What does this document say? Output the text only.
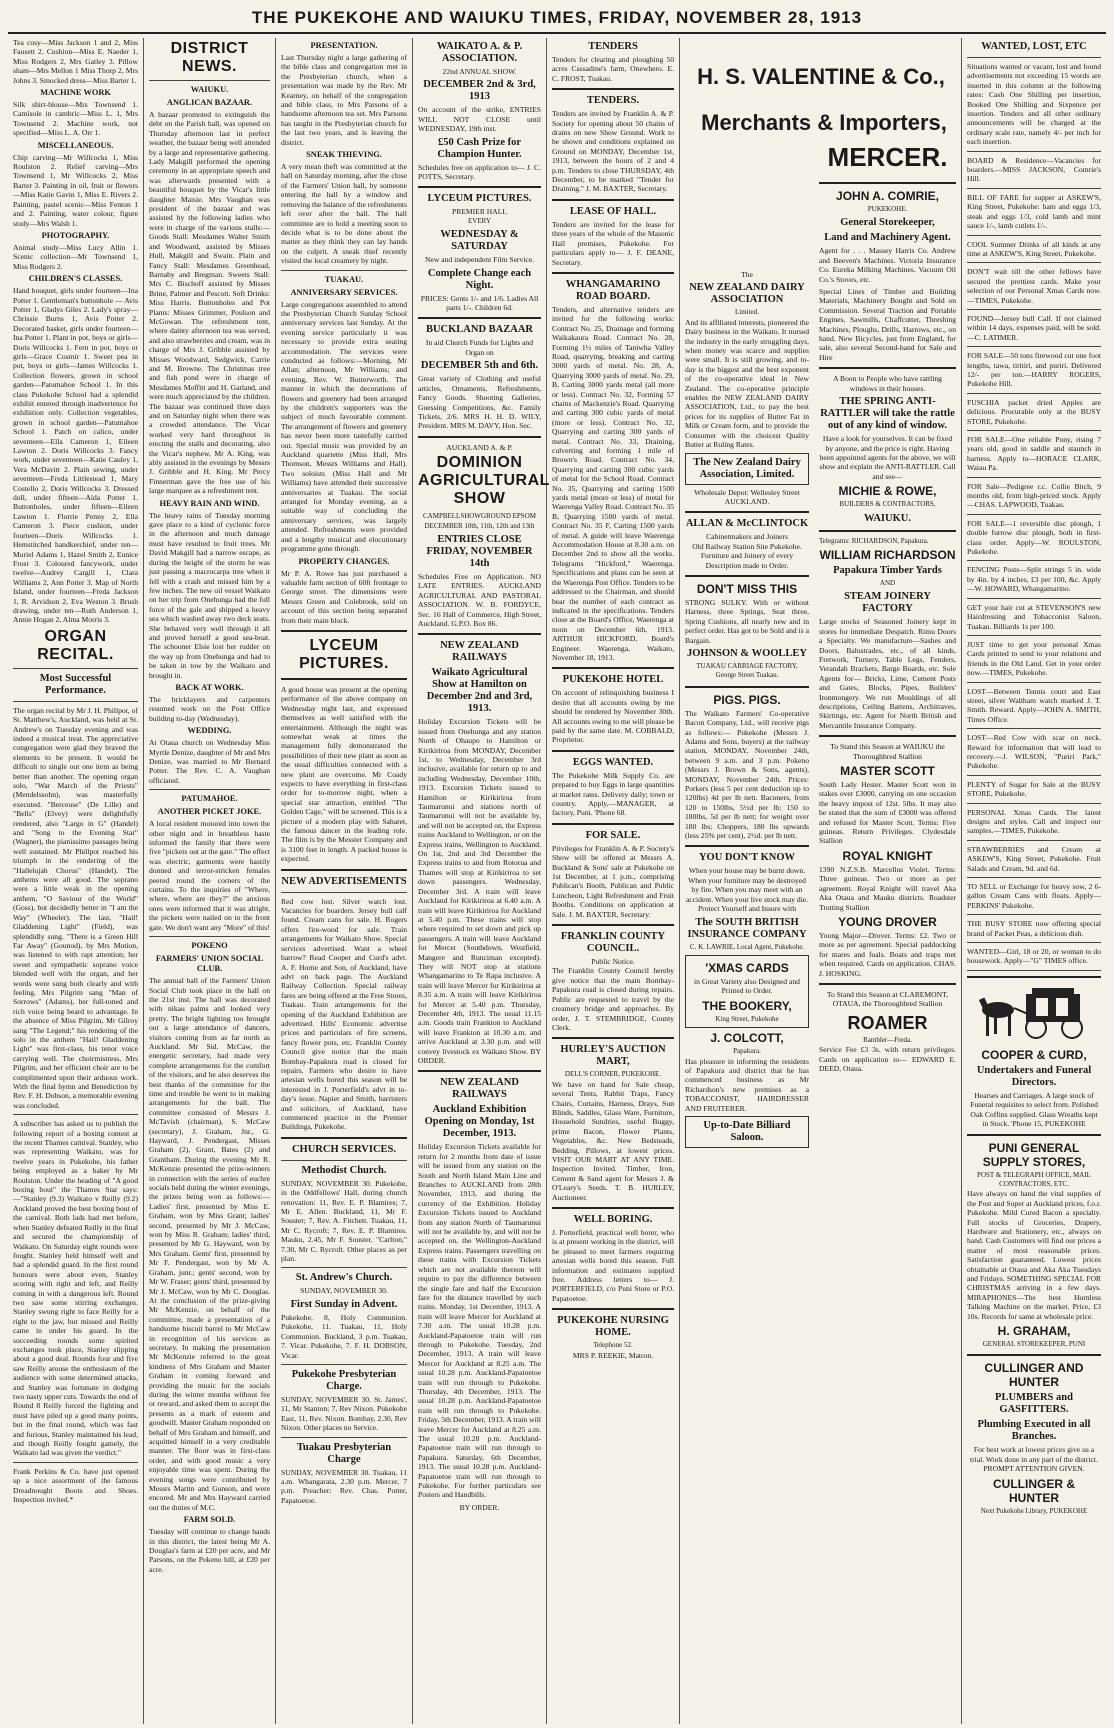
THE PUKEKOHE AND WAIUKU TIMES, FRIDAY, NOVEMBER 28, 1913

Tea cosy—Miss Jackson 1 and 2, Miss Fausett 2. Cushion—Miss E. Naeder 1, Miss Rodgers 2, Mrs Gatley 3. Pillow sham—Mrs Mellon 1 Miss Thorp 2, Mrs Johns 3. Smocked dress—Miss Barter 1.

MACHINE WORK

Silk shirt-blouse—Mrs Townsend 1. Camisole in cambric—Miss L. 1, Mrs Townsend 2. Machine work, not specified—Miss L. A. Orr 1.

MISCELLANEOUS.

Chip carving—Mr Willcocks 1, Miss Roulston 2. Relief carving—Mrs Townsend 1, Mr Willcocks 2, Miss Barter 3. Painting in oil, fruit or flowers—Miss Katie Gavin 1, Miss E. Rivers 2. Painting, pastel scenic—Miss Fenton 1 and 2. Painting, water colour, figure study—Mrs Walsh 1.

PHOTOGRAPHY.

Animal study—Miss Lucy Allin 1. Scenic collection—Mr Townsend 1, Miss Rodgers 2.

CHILDREN'S CLASSES.

Hand bouquet, girls under fourteen—Ina Potter 1. Gentleman's buttonhole — Avis Potter 1, Gladys Giles 2. Lady's spray—Chrissie Burns 1, Avis Potter 2. Decorated basket, girls under fourteen—Ina Potter 1. Plant in pot, boys or girls—Doris Willcocks 1. Fern in pot, boys or girls—Grace Cosmir 1. Sweet pea in pot, boys or girls—James Willcocks 1. Collection flowers, grown in school garden—Patumahoe School 1. In this class Pukekohe School had a splendid exhibit entered through inadvertence for exhibition only. Collection vegetables, grown in school garden—Patumahoe School 1. Patch on calico, under seventeen—Ella Cameron 1, Eileen Lawton 2. Doris Willcocks 3. Fancy work, under seventeen—Katie Cauley 1, Vera McDavitt 2. Plain sewing, under seventeen—Freda Littlestead 1, Mary Costello 2, Doris Willcocks 3. Dressed doll, under fifteen—Aida Potter 1. Buttonholes, under fifteen—Eileen Lawton 1. Florrie Penny 2, Ella Cameron 3. Piece cushion, under fourteen—Doris Willcocks 1. Hemstitched handkerchief, under ten—Muriel Adams 1, Hazel Smith 2, Eunice Frost 3. Coloured fancywork, under twelve—Audrey Cargill 1, Clara Williams 2, Ann Potter 3. Map of North Island, under fourteen—Freda Jackson 1, R. Arvidson 2, Eva Weston 3. Brush drawing, under ten—Ruth Anderson 1, Annie Hogan 2, Alma Morris 3.

ORGAN RECITAL.
Most Successful Performance.

The organ recital by Mr J. H. Phillpot, of St. Matthew's, Auckland, was held at St. Andrew's on Tuesday evening and was indeed a musical treat. The appreciative congregation were glad they braved the elements to be present. It would be difficult to single out one item as being better than another. The opening organ solo, "War March of the Priests" (Mendelssohn), was masterfully executed. "Berceuse" (De Lille) and "Bells" (Elvey) were delightfully rendered, also "Largo in G" (Handel) and "Song to the Evening Star" (Wagner), the pianissimo passages being well sustained. Mr Phillpot reached his triumph in the rendering of the "Hallelujah Chorus" (Handel). The anthems were all good. The soprano were a little weak in the opening anthem, "O Saviour of the World" (Goss), but decidedly better in "I am the Way" (Wheeler). The last, "Hail! Gladdening Light" (Field), was splendidly sung. "There is a Green Hill Far Away" (Gounod), by Mrs Motion, was listened to with rapt attention; her sweet and sympathetic soprano voice blended well with the organ, and her words were sung both clearly and with feeling. Mrs Pilgrim sang "Man of Sorrows" (Adams), her full-toned and rich voice being heard to advantage. In the absence of Miss Pilgrim, Mr Gilroy sang "The Legend;" his rendering of the solo in the anthem "Hail! Gladdening Light" was first-class, his tenor voice carrying well. The choirmistress, Mrs Pilgrim, and her efficient choir are to be complimented upon their arduous work. With the final hymn and Benediction by Rev. F. H. Dobson, a memorable evening was concluded.

A subscriber has asked us to publish the following report of a boxing contest at the recent Thames carnival. Stanley, who was representing Waikato, was for twelve years in Pukekohe, his father being employed as a baker by Mr Roulston. Under the heading of "A good boxing bout" the Thames Star says:—"Stanley (9.3) Waikato v Reilly (9.2) Auckland proved the best boxing bout of the carnival. Both lads had met before, when Stanley defeated Reilly in the final and secured the championship of Waikato. On Saturday eight rounds were fought. Stanley held himself well and had a splendid guard. In the first round honours were about even, Stanley scoring with right and left, and Reilly coming in with a dangerous left. Round two saw some stirring exchanges. Stanley swung right to face Reilly for a right to the jaw, but missed and Reilly came in under his guard. In the succeeding rounds some spirited exchanges took place, Stanley slipping about a good deal. Rounds four and five saw Reilly arouse the enthusiasm of the audience with some determined attacks, and Stanley was fortunate in dodging two nasty upper cuts. Towards the end of Round 8 Reilly forced the fighting and must have piled up a good many points, but in the final round, which was fast and furious, Stanley maintained his lead, and though Reilly fought gamely, the Waikato lad was given the verdict."

Frank Perkins & Co. have just opened up a nice assortment of the famous Dreadnought Boots and Shoes. Inspection invited.*

DISTRICT NEWS.
WAIUKU.
ANGLICAN BAZAAR.

A bazaar promoted to extinguish the debt on the Parish hall, was opened on Thursday afternoon last in perfect weather, the bazaar being well attended by a large and representative gathering. Lady Makgill performed the opening ceremony in an appropriate speech and was afterwards presented with a beautiful bouquet by the Vicar's little daughter Maisie. Mrs Vaughan was president of the bazaar and was assisted by the following ladies who were in charge of the various stalls:—Goods Stall: Mesdames Walter Smith and Woodward, assisted by Misses Hull, Makgill and Swain. Plain and Fancy Stall: Mesdames Greenhead, Barnaby and Bregman. Sweets Stall: Mrs C. Bischoff assisted by Misses Brine, Palmer and Pescott. Soft Drinks: Miss Harris. Buttonholes and Pot Plants: Misses Grimmer, Poulson and McGowan. The refreshment tent, where dainty afternoon tea was served, and also strawberries and cream, was in charge of Mrs J. Gribble assisted by Misses Woodward, Sedgwick, Carrie and M. Browne. The Christmas tree and fish pond were in charge of Mesdames Moffitt and H. Garland, and were much appreciated by the children. The bazaar was continued three days and on Saturday night when there was a crowded attendance. The Vicar worked very hard throughout in erecting the stalls and decorating, also the Vicar's nephew, Mr A. King, was ably assisted in the evenings by Messrs J. Gribble and H. King. Mr Percy Finnerman gave the free use of his large marquee as a refreshment tent.

HEAVY RAIN AND WIND.

The heavy rains of Tuesday morning gave place to a kind of cyclonic force in the afternoon and much damage must have resulted to fruit trees. Mr David Makgill had a narrow escape, as during the height of the storm he was just passing a macrocarpa tree when it fell with a crash and missed him by a few inches. The new oil vessel Waikato on her trip from Onehunga had the full force of the gale and shipped a heavy sea which washed away two deck seats. She behaved very well through it all and proved herself a good sea-boat. The schooner Elsie lost her rudder on the way up from Onehunga and had to be taken in tow by the Waikato and brought in.

BACK AT WORK.

The bricklayers and carpenters resumed work on the Post Office building to-day (Wednesday).

WEDDING.

At Otaua church on Wednesday Miss Myrtle Denize, daughter of Mr and Mrs Denize, was married to Mr Bernard Potter. The Rev. C. A. Vaughan officiated.

PATUMAHOE.
ANOTHER PICKET JOKE.

A local resident motored into town the other night and in breathless haste informed the family that there were five "pickets out at the gate." The effect was electric, garments were hastily donned and terror-stricken females peered round the corners of the curtains. To the inquiries of "Where, where, where are they?" the anxious ones were informed that it was alright, the pickets were nailed on to the front gate. We don't want any "More" of this!

POKENO
FARMERS' UNION SOCIAL CLUB.

The annual ball of the Farmers' Union Social Club took place in the hall on the 21st inst. The hall was decorated with nikau palms and looked very pretty. The bright lighting too brought out a large attendance of dancers, visitors coming from as far north as Auckland. Mr Sid. McCaw, the energetic secretary, had made very complete arrangements for the comfort of the visitors, and he also deserves the best thanks of the committee for the time and trouble he went to in making arrangements for the ball. The committee consisted of Messrs J. McTavish (chairman), S. McCaw (secretary), J. Graham, Jnr., G. Hayward, J. Pendergast, Misses Graham (2), Grant, Bates (2) and Grantham. During the evening Mr R. McKenzie presented the prize-winners in connection with the series of euchre socials held during the winter evenings, the prizes being won as follows:—Ladies' first, presented by Miss E. Graham, won by Miss Grant; ladies' second, presented by Mr J. McCaw, won by Miss R. Graham; ladies' third, presented by Mr G. Hayward, won by Mrs Graham. Gents' first, presented by Mr F. Pendergast, won by Mr A. Graham, junr.; gents' second, won by Mr W. Fraser; gents' third, presented by Mr J. McCaw, won by Mr C. Douglas. At the conclusion of the prize-giving Mr McKenzie, on behalf of the committee, made a presentation of a handsome biscuit barrel to Mr McCaw in recognition of his services as secretary. In making the presentation Mr McKenzie referred to the great kindness of Mrs Graham and Master Graham in coming forward and providing the music for the socials during the winter months without fee or reward, and asked them to accept the presents as a mark of esteem and goodwill. Master Graham responded on behalf of Mrs Graham and himself, and acquitted himself in a very creditable manner. The floor was in first-class order, and with good music a very enjoyable time was spent. During the evening songs were contributed by Messrs Martin and Gunson, and were encored. Mr and Mrs Hayward carried out the duties of M.C.

FARM SOLD.

Tuesday will continue to change hands in this district, the latest being Mr A. Douglas's farm at £20 per acre, and Mr Parsons, on the Pokeno hill, at £20 per acre.

PRESENTATION.

Last Thursday night a large gathering of the bible class and congregation met in the Presbyterian church, when a presentation was made by the Rev. Mr Kearney, on behalf of the congregation and bible class, to Mrs Parsons of a handsome afternoon tea set. Mrs Parsons has taught in the Presbyterian church for the last two years, and is leaving the district.

SNEAK THIEVING.

A very mean theft was committed at the hall on Saturday morning, after the close of the Farmers' Union ball, by someone entering the hall by a window and removing the balance of the refreshments left over after the ball. The hall committee are to hold a meeting soon to decide what is to be done about the matter as they think they can lay hands on the culprit. A sneak thief recently visited the local creamery by night.

TUAKAU.
ANNIVERSARY SERVICES.

Large congregations assembled to attend the Presbyterian Church Sunday School anniversary services last Sunday. At the evening service particularly it was necessary to provide extra seating accommodation. The services were conducted as follows:—Morning, Mr Allan; afternoon, Mr Williams; and evening, Rev. W. Butterworth. The manner in which the decorations of flowers and greenery had been arranged by the children's supporters was the subject of much favourable comment. The arrangement of flowers and greenery has never been more tastefully carried out. Special music was provided by an Auckland quartette (Miss Hall, Mrs Thomson, Messrs Williams and Hall). Two soloists (Miss Hall and Mr Williams) have attended their successive anniversaries at Tuakau. The social arranged for Monday evening, as a suitable way of concluding the anniversary services, was largely attended. Refreshments were provided and a lengthy musical and elocutionary programme gone through.

PROPERTY CHANGES.

Mr P. A. Rowe has just purchased a valuable farm section of 60ft frontage to George street. The dimensions were Messrs Green and Colebrook, sold on account of this section being separated from their main block.

LYCEUM PICTURES.

A good house was present at the opening performance of the above company on Wednesday night last, and expressed themselves as well satisfied with the entertainment. Although the night was somewhat weak at times the management fully demonstrated the possibilities of their new plant as soon as the usual difficulties connected with a new plant are overcome. Mr Coady expects to have everything in first-class order for to-morrow night, when a special star attraction, entitled "The Golden Cage," will be screened. This is a picture of a modern play with Saharet, the famous dancer in the leading role. The film is by the Messter Company and is 3100 feet in length. A packed house is expected.

NEW ADVERTISEMENTS

Red cow lost. Silver watch lost. Vacancies for boarders. Jersey bull calf found. Cream cans for sale. H. Rogers offers fire-wood for sale. Train arrangements for Waikato Show. Special services advertised. Want a wheel barrow? Read Cooper and Curd's advt. A. F. Horne and Son, of Auckland, have advt on back page. The Auckland Railway Collection. Special railway fares are being offered at the Free Stores, Tuakau. Train arrangements for the opening of the Auckland Exhibition are advertised. Hills' Economic advertise prices and particulars of fire screens, fancy flower pots, etc. Franklin County Council give notice that the main Bombay-Papakura road is closed for repairs. Farmers who desire to have artesian wells bored this season will be interested in J. Porterfield's advt in to-day's issue. Napier and Smith, barristers and solicitors, of Auckland, have commenced practice in the Premier Buildings, Pukekohe.

CHURCH SERVICES.
Methodist Church.

SUNDAY, NOVEMBER 30. Pukekohe, in the Oddfellows' Hall, during church renovation: 11, Rev. E. P. Blamires; 7, Mr E. Allen. Buckland, 11, Mr F. Souster; 7, Rev. A. Fitchett. Tuakau, 11, Mr C. Rycroft; 7, Rev. E. P. Blamires. Mauku, 2.45, Mr F. Souster. "Carlton," 7.30, Mr C. Rycroft. Other places as per plan.

St. Andrew's Church.
SUNDAY, NOVEMBER 30.
First Sunday in Advent.

Pukekohe, 8, Holy Communion. Pukekohe, 11. Tuakau, 11, Holy Communion. Buckland, 3 p.m. Tuakau, 7. Vicar. Pukekohe, 7. F. H. DOBSON, Vicar.

Pukekohe Presbyterian Charge.

SUNDAY, NOVEMBER 30. St. James', 11, Mr Stanton; 7, Rev Nixon. Pukekohe East, 11, Rev. Nixon. Bombay, 2.30, Rev Nixon. Other places no Service.

Tuakau Presbyterian Charge

SUNDAY, NOVEMBER 30. Tuakau, 11 a.m. Whangarata, 2.30 p.m. Mercer, 7 p.m. Preacher: Rev. Chas. Potter, Papatoetoe.

WAIKATO A. & P. ASSOCIATION.
22nd ANNUAL SHOW.
DECEMBER 2nd & 3rd, 1913

On account of the strike, ENTRIES WILL NOT CLOSE until WEDNESDAY, 19th inst.

£50 Cash Prize for Champion Hunter.

Schedules free on application to— J. C. POTTS, Secretary.

LYCEUM PICTURES.
PREMIER HALL
EVERY
WEDNESDAY & SATURDAY
New and independent Film Service.
Complete Change each Night.

PRICES: Gents 1/- and 1/6. Ladies All parts 1/-. Children 6d.

BUCKLAND BAZAAR
In aid Church Funds for Lights and Organ on
DECEMBER 5th and 6th.

Great variety of Clothing and useful articles, Ornaments, Refreshments, Fancy Goods. Shooting Galleries, Guessing Competitions, &c. Family Tickets, 2/6. MRS H. H. D. WILY, President. MRS M. DAVY, Hon. Sec.

AUCKLAND A. & P.
DOMINION AGRICULTURAL SHOW
CAMPBELLSHOWGROUND EPSOM
DECEMBER 10th, 11th, 12th and 13th
ENTRIES CLOSE FRIDAY, NOVEMBER 14th

Schedules Free on Application. NO LATE ENTRIES. AUCKLAND AGRICULTURAL AND PASTORAL ASSOCIATION. W. B. FORDYCE, Sec. 16 Hall of Commerce, High Street, Auckland. G.P.O. Box 86.

NEW ZEALAND RAILWAYS
Waikato Agricultural Show at Hamilton on December 2nd and 3rd, 1913.

Holiday Excursion Tickets will be issued from Onehunga and any station North of Ohaupo to Hamilton or Kirikiriroa from MONDAY, December 1st, to Wednesday, December 3rd inclusive, available for return up to and including Wednesday, December 10th, 1913. Excursion Tickets issued to Hamilton or Kirikiriroa from Taumarunui and stations north of Taumarunui will not be available by, and will not be accepted on, the Express trains Auckland to Wellington, or on the Express trains, Wellington to Auckland. On 1st, 2nd and 3rd December the Express trains to and from Rotorua and Thames will stop at Kirikiriroa to set down passengers. Wednesday, December 3rd. A train will leave Auckland for Kirikiriroa at 6.40 a.m. A train will leave Kirikiriroa for Auckland at 5.40 p.m. These trains will stop where required to set down and pick up passengers. A train will leave Auckland for Mercer (Southdown, Westfield, Mangere and Runciman excepted). They will NOT stop at stations Whangamarino to Te Rapa inclusive. A train will leave Mercer for Kirikiriroa at 8.35 a.m. A train will leave Kirikiriroa for Mercer at 5.40 p.m. Thursday, December 4th, 1913. The usual 11.15 a.m. Goods train Frankton to Auckland will leave Frankton at 10.30 a.m. and arrive Auckland at 3.30 p.m. and will convey livestock ex Waikato Show. BY ORDER.

NEW ZEALAND RAILWAYS
Auckland Exhibition Opening on Monday, 1st December, 1913.

Holiday Excursion Tickets available for return for 2 months from date of issue will be issued from any station on the South and North Island Main Line and Branches to AUCKLAND from 28th November, 1913, and during the currency of the Exhibition. Holiday Excursion Tickets issued to Auckland from any station North of Taumarunui will not be available by, and will not be accepted on, the Wellington-Auckland Express trains. Passengers travelling on these trains with Excursion Tickets which are not available thereon will require to pay the difference between the single fare and half the Excursion fare for the distance travelled by such trains. Monday, 1st December, 1913. A train will leave Mercer for Auckland at 7.30 a.m. The usual 10.28 p.m. Auckland-Papatoetoe train will run through to Pukekohe. Tuesday, 2nd December, 1913. A train will leave Mercer for Auckland at 8.25 a.m. The usual 10.28 p.m. Auckland-Papatoetoe train will run through to Pukekohe. Thursday, 4th December, 1913. The usual 10.28 p.m. Auckland-Papatoetoe train will run through to Pukekohe. Friday, 5th December, 1913. A train will leave Mercer for Auckland at 8.25 a.m. The usual 10.28 p.m. Auckland-Papatoetoe train will run through to Papakura. Saturday, 6th December, 1913. The usual 10.28 p.m. Auckland-Papatoetoe train will run through to Pukekohe. For further particulars see Posters and Handbills.

BY ORDER.
TENDERS

Tenders for clearing and ploughing 50 acres Cassadine's farm, Onewhero. E. C. FROST, Tuakau.

TENDERS.

Tenders are invited by Franklin A. & P. Society for opening about 50 chains of drains on new Show Ground. Work to be shown and conditions explained on Ground on MONDAY, December 1st, 1913, between the hours of 2 and 4 p.m. Tenders to close THURSDAY, 4th December, to be marked "Tender for Draining." J. M. BAXTER, Secretary.

LEASE OF HALL.

Tenders are invited for the lease for three years of the whole of the Masonic Hall premises, Pukekohe. For particulars apply to— J. F. DEANE, Secretary.

WHANGAMARINO ROAD BOARD.

Tenders, and alternative tenders are invited for the following works: Contract No. 25, Drainage and forming Waikakaura Road. Contract No. 28, Forming 1½ miles of Taniwha Valley Road, quarrying, breaking and carting 3000 yards of metal. No. 28, A, Quarrying 3000 yards of metal. No. 29, B, Carting 3000 yards metal (all more or less). Contract No. 32, Forming 57 chains of Mackenzie's Road. Quarrying and carting 300 cubic yards of metal (more or less). Contract No. 32, Quarrying and carting 300 yards of metal. Contract No. 33, Draining, culverting and forming 1 mile of Brown's Road. Contract No. 34, Quarrying and carting 300 cubic yards of metal for the School Road. Contract No. 35, Quarrying and carting 1500 yards metal (more or less) of metal for Waerenga Valley Road. Contract No. 35 B, Quarrying 1500 yards of metal. Contract No. 35 F, Carting 1500 yards of metal. A guide will leave Waerenga Accommodation House at 8.30 a.m. on December 2nd to show all the works. Telegrams "Hickford," Waerenga. Specifications and plans can be seen at the Waerenga Post Office. Tenders to be addressed to the Chairman, and should bear the number of each contract as indicated in the specifications. Tenders close at the Board's Office, Waerenga at noon on December 6th, 1913. ARTHUR HICKFORD, Board's Engineer. Waerenga, Waikato, November 18, 1913.

PUKEKOHE HOTEL

On account of relinquishing business I desire that all accounts owing by me should be rendered by November 30th. All accounts owing to me will please be paid by the same date. M. COBBALD, Proprietor.

EGGS WANTED.

The Pukekohe Milk Supply Co. are prepared to buy Eggs in large quantities at market rates. Delivery daily; town or country. Apply,—MANAGER, at factory, Puni. 'Phone 68.

FOR SALE.

Privileges for Franklin A. & P. Society's Show will be offered at Messrs A. Buckland & Sons' sale at Pukekohe on 1st December, at 1 p.m., comprising Publican's Booth, Publican and Public Luncheon, Light Refreshment and Fruit Booths. Conditions on application at Sale. J. M. BAXTER, Secretary.

FRANKLIN COUNTY COUNCIL.
Public Notice.

The Franklin County Council hereby give notice that the main Bombay-Papakura road is closed during repairs. Public are requested to travel by the creamery bridge and approaches. By order, J. T. STEMBRIDGE, County Clerk.

HURLEY'S AUCTION MART,
DELL'S CORNER, PUKEKOHE.

We have on hand for Sale cheap, several Tents, Rabbit Traps, Fancy Chairs, Curtains, Harness, Drays, Sun Blinds, Saddles, Glass Ware, Furniture, Household Sundries, useful Buggy, prime Bacon, Flower Plants, Vegetables, &c. New Bedsteads, Bedding, Pillows, at lowest prices. VISIT OUR MART AT ANY TIME. Inspection Invited. Timber, Iron, Cement & Sand agent for Messrs J. & O'Leary's Seeds. T. B. HURLEY, Auctioneer.

WELL BORING.

J. Porterfield, practical well borer, who is at present working in the district, will be pleased to meet farmers requiring artesian wells bored this season. Full information and estimates supplied free. Address letters to— J. PORTERFIELD, c/o Puni Store or P.O. Papatoetoe.

PUKEKOHE NURSING HOME.
Telephone 52.
MRS P. REEKIE, Matron.
H. S. VALENTINE & Co.,
The
NEW ZEALAND DAIRY ASSOCIATION
Limited.

And its affiliated interests, pioneered the Dairy business in the Waikato. It nursed the industry in the early struggling days, when money was scarce and supplies were small. It is still growing, and to-day is the biggest and the best exponent of the co-operative ideal in New Zealand. The co-operative principle enables the NEW ZEALAND DAIRY ASSOCIATION, Ltd., to pay the best prices for its supplies of Butter Fat in Milk or Cream form, and to provide the Consumer with the choicest Quality Butter at Ruling Rates.

The New Zealand Dairy Association, Limited.
Wholesale Depot: Wellesley Street AUCKLAND.
ALLAN & McCLINTOCK
Cabinetmakers and Joiners

Old Railway Station Site Pukekohe. Furniture and Joinery of every Description made to Order.

DON'T MISS THIS

STRONG SULKY. With or without Harness, three Springs, Seat three, Spring Cushions, all nearly new and in perfect order. Has got to be Sold and is a Bargain.

JOHNSON & WOOLLEY
TUAKAU CARRIAGE FACTORY,
George Street Tuakau.
PIGS. PIGS.

The Waikato Farmers' Co-operative Bacon Company, Ltd., will receive pigs as follows:— Pukekohe (Messrs J. Adams and Sons, buyers) at the railway station, MONDAY, November 24th, between 9 a.m. and 3 p.m. Pokeno (Messrs J. Brown & Sons, agents), MONDAY, November 24th. Prices: Porkers (less 5 per cent deduction up to 120lbs) 4d per lb nett. Baconers, from 120 to 150lbs, 5½d per lb; 150 to 180lbs, 5d per lb nett; for weight over 180 lbs; Choppers, 180 lbs upwards (less 25% per cent), 2½d. per lb nett.

YOU DON'T KNOW

When your house may be burnt down. When your furniture may be destroyed by fire. When you may meet with an accident. When your live stock may die. Protect Yourself and Insure with

The SOUTH BRITISH INSURANCE COMPANY
C. K. LAWRIE, Local Agent, Pukekohe.
'XMAS CARDS

in Great Variety also Designed and Printed to Order.

THE BOOKERY,
King Street, Pukekohe
J. COLCOTT,
Papakura.

Has pleasure in informing the residents of Papakura and district that he has commenced business as Mr Richardson's new premises as a TOBACCONIST, HAIRDRESSER AND FRUITERER.

Up-to-Date Billiard Saloon.
Merchants & Importers,
MERCER.
JOHN A. COMRIE,
PUKEKOHE.
General Storekeeper,
Land and Machinery Agent.

Agent for . . . Massey Harris Co. Andrew and Beeven's Machines. Victoria Insurance Co. Eureka Milking Machines. Vacuum Oil Co.'s Stoves, etc.

Special Lines of Timber and Building Materials, Machinery Bought and Sold on Commission. Several Traction and Portable Engines, Sawmills, Chaffcutter, Threshing Machines, Ploughs, Drills, Harrows, etc., on hand. New Bicycles, just from England, for sale, also several Second-hand for Sale and Hire

A Boon to People who have rattling windows in their houses.

THE SPRING ANTI-RATTLER will take the rattle out of any kind of window.

Have a look for yourselves. It can be fixed by anyone, and the price is right. Having been appointed agents for the above, we will show and explain the ANTI-RATTLER. Call and see—

MICHIE & ROWE,
BUILDERS & CONTRACTORS,
WAIUKU.
Telegrams: RICHARDSON, Papakura.
WILLIAM RICHARDSON
Papakura Timber Yards
AND
STEAM JOINERY FACTORY

Large stocks of Seasoned Joinery kept in stores for immediate Despatch. Rimu Doors a Specialty. We manufacture—Sashes and Doors, Balustrades, etc., of all kinds, Fretwork, Turnery, Table Legs, Fenders, Verandah Brackets, Barge Boards, etc. Sole Agents for— Bricks, Lime, Cement Posts and Gates, Blocks, Pipes, Builders' Ironmongery. We run Mouldings of all descriptions, Ceiling Battens, Architraves, Skirtings, etc. Agent for North British and Mercantile Insurance Company.

To Stand this Season at WAIUKU the Thoroughbred Stallion

MASTER SCOTT

South Lady Hester. Master Scott won in stakes over £3000, carrying on one occasion the heavy impost of 12st. 5lbs. It may also be stated that the sum of £3000 was offered and refused for Master Scott. Terms: Five guineas. Return Privileges. Clydesdale Stallion

ROYAL KNIGHT

1390 N.Z.S.B. Marcellus Violet. Terms: Three guineas. Two or more as per agreement. Royal Knight will travel Aka Aka Otaua and Mauku districts. Roadster Trotting Stallion

YOUNG DROVER

Young Major—Drover. Terms: £2. Two or more as per agreement. Special paddocking for mares and foals. Boats and traps met when required. Cards on application. CHAS. J. HOSKING.

To Stand this Season at CLAREMONT, OTAUA, the Thoroughbred Stallion

ROAMER
Rambler—Freda.

Service Fee £3 3s. with return privileges. Cards on application to— EDWARD E. DEED, Otaua.

WANTED, LOST, ETC

Situations wanted or vacant, lost and found advertisements not exceeding 15 words are inserted in this column at the following rates: Cash One Shilling per insertion, Booked One Shilling and Sixpence per insertion. Tenders and all other ordinary announcements will be charged at the ordinary scale rate, namely 4/- per inch for each insertion.

BOARD & Residence—Vacancies for boarders.—MISS JACKSON, Comrie's Hill.

BILL OF FARE for supper at ASKEW'S, King Street, Pukekohe: ham and eggs 1/3, steak and eggs 1/3, cold lamb and mint sauce 1/-, lamb cutlets 1/-.

COOL Summer Drinks of all kinds at any time at ASKEW'S, King Street, Pukekohe.

DON'T wait till the other fellows have secured the prettiest cards. Make your selection of our Personal Xmas Cards now.—TIMES, Pukekohe.

FOUND—Jersey bull Calf. If not claimed within 14 days, expenses paid, will be sold.—C. LATIMER.

FOR SALE—50 tons firewood cut one foot lengths, tawa, tiritiri, and puriri. Delivered 12/- per ton.—HARRY ROGERS, Pukekohe Hill.

FUSCHIA packet dried Apples are delicious. Procurable only at the BUSY STORE, Pukekohe.

FOR SALE—One reliable Pony, rising 7 years old, good in saddle and staunch in harness. Apply to—HORACE CLARK, Waiau Pa.

FOR Sale—Pedigree r.c. Collie Bitch, 9 months old, from high-priced stock. Apply—CHAS. LAPWOOD, Tuakau.

FOR SALE—1 reversible disc plough, 1 double furrow disc plough, both in first-class order. Apply—W. ROULSTON, Pukekohe.

FENCING Posts—Split strings 5 in. wide by 4in. by 4 inches, £3 per 100, &c. Apply—W. HOWARD, Whangamarino.

GET your hair cut at STEVENSON'S new Hairdressing and Tobacconist Saloon, Tuakau. Billiards 1s per 100.

JUST time to get your personal Xmas Cards printed to send to your relations and friends in the Old Land. Get in your order now.—TIMES, Pukekohe.

LOST—Between Tennis court and East street, silver Waltham watch marked J. T. Smith. Reward. Apply—JOHN A. SMITH, Times Office.

LOST—Red Cow with scar on neck. Reward for information that will lead to recovery.—J. WILSON, "Puriri Park," Pukekohe.

PLENTY of Sugar for Sale at the BUSY STORE, Pukekohe.

PERSONAL Xmas Cards. The latest designs and styles. Call and inspect our samples.—TIMES, Pukekohe.

STRAWBERRIES and Cream at ASKEW'S, King Street, Pukekohe. Fruit Salads and Cream, 9d. and 6d.

TO SELL or Exchange for heavy sow, 2 6-gallon Cream Cans with floats. Apply—PERKINS' Pukekohe.

THE BUSY STORE now offering special brand of Packet Peas, a delicious dish.

WANTED—Girl, 18 or 20, or woman to do housework. Apply—"G" TIMES office.

COOPER & CURD,
Undertakers and Funeral Directors.

Hearses and Carriages. A large stock of Funeral requisites to select from. Polished Oak Coffins supplied. Glass Wreaths kept in Stock. 'Phone 15, PUKEKOHE

PUNI GENERAL SUPPLY STORES,
POST & TELEGRAPH OFFICE, MAIL CONTRACTORS, ETC.

Have always on hand the vital supplies of the Post and Super at Auckland prices, f.o.r. Pukekohe. Mild Cured Bacon a specialty. Full stocks of Groceries, Drapery, Hardware and Stationery, etc., always on hand. Cash Customers will find our prices a matter of most reasonable prices. Satisfaction guaranteed. Lowest prices obtainable at Otaua and Aka Aka Tuesdays and Fridays. SOMETHING SPECIAL FOR CHRISTMAS arriving in a few days. MIRAPHONES—The best Hornless Talking Machine on the market. Price, £3 10s. Records for same at wholesale price.

H. GRAHAM,
GENERAL STOREKEEPER, PUNI
CULLINGER AND HUNTER
PLUMBERS and GASFITTERS.
Plumbing Executed in all Branches.

For best work at lowest prices give us a trial. Work done in any part of the district. PROMPT ATTENTION GIVEN.

CULLINGER & HUNTER
Next Pukekohe Library, PUKEKOHE
